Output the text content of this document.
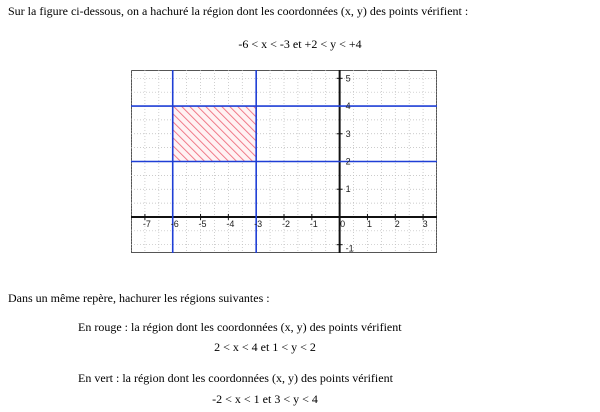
Sur la figure ci-dessous, on a hachuré la région dont les coordonnées (x, y) des points vérifient :
-6 < x < -3 et +2 < y < +4
-7 -6 -5 -4 -3 -2 -1 0 1	2	3
-1
1
2
3
4
5
Dans un même repère, hachurer les régions suivantes :
En rouge : la région dont les coordonnées (x, y) des points vérifient
2 < x < 4 et 1 < y < 2
En vert : la région dont les coordonnées (x, y) des points vérifient
-2 < x < 1 et 3 < y < 4
